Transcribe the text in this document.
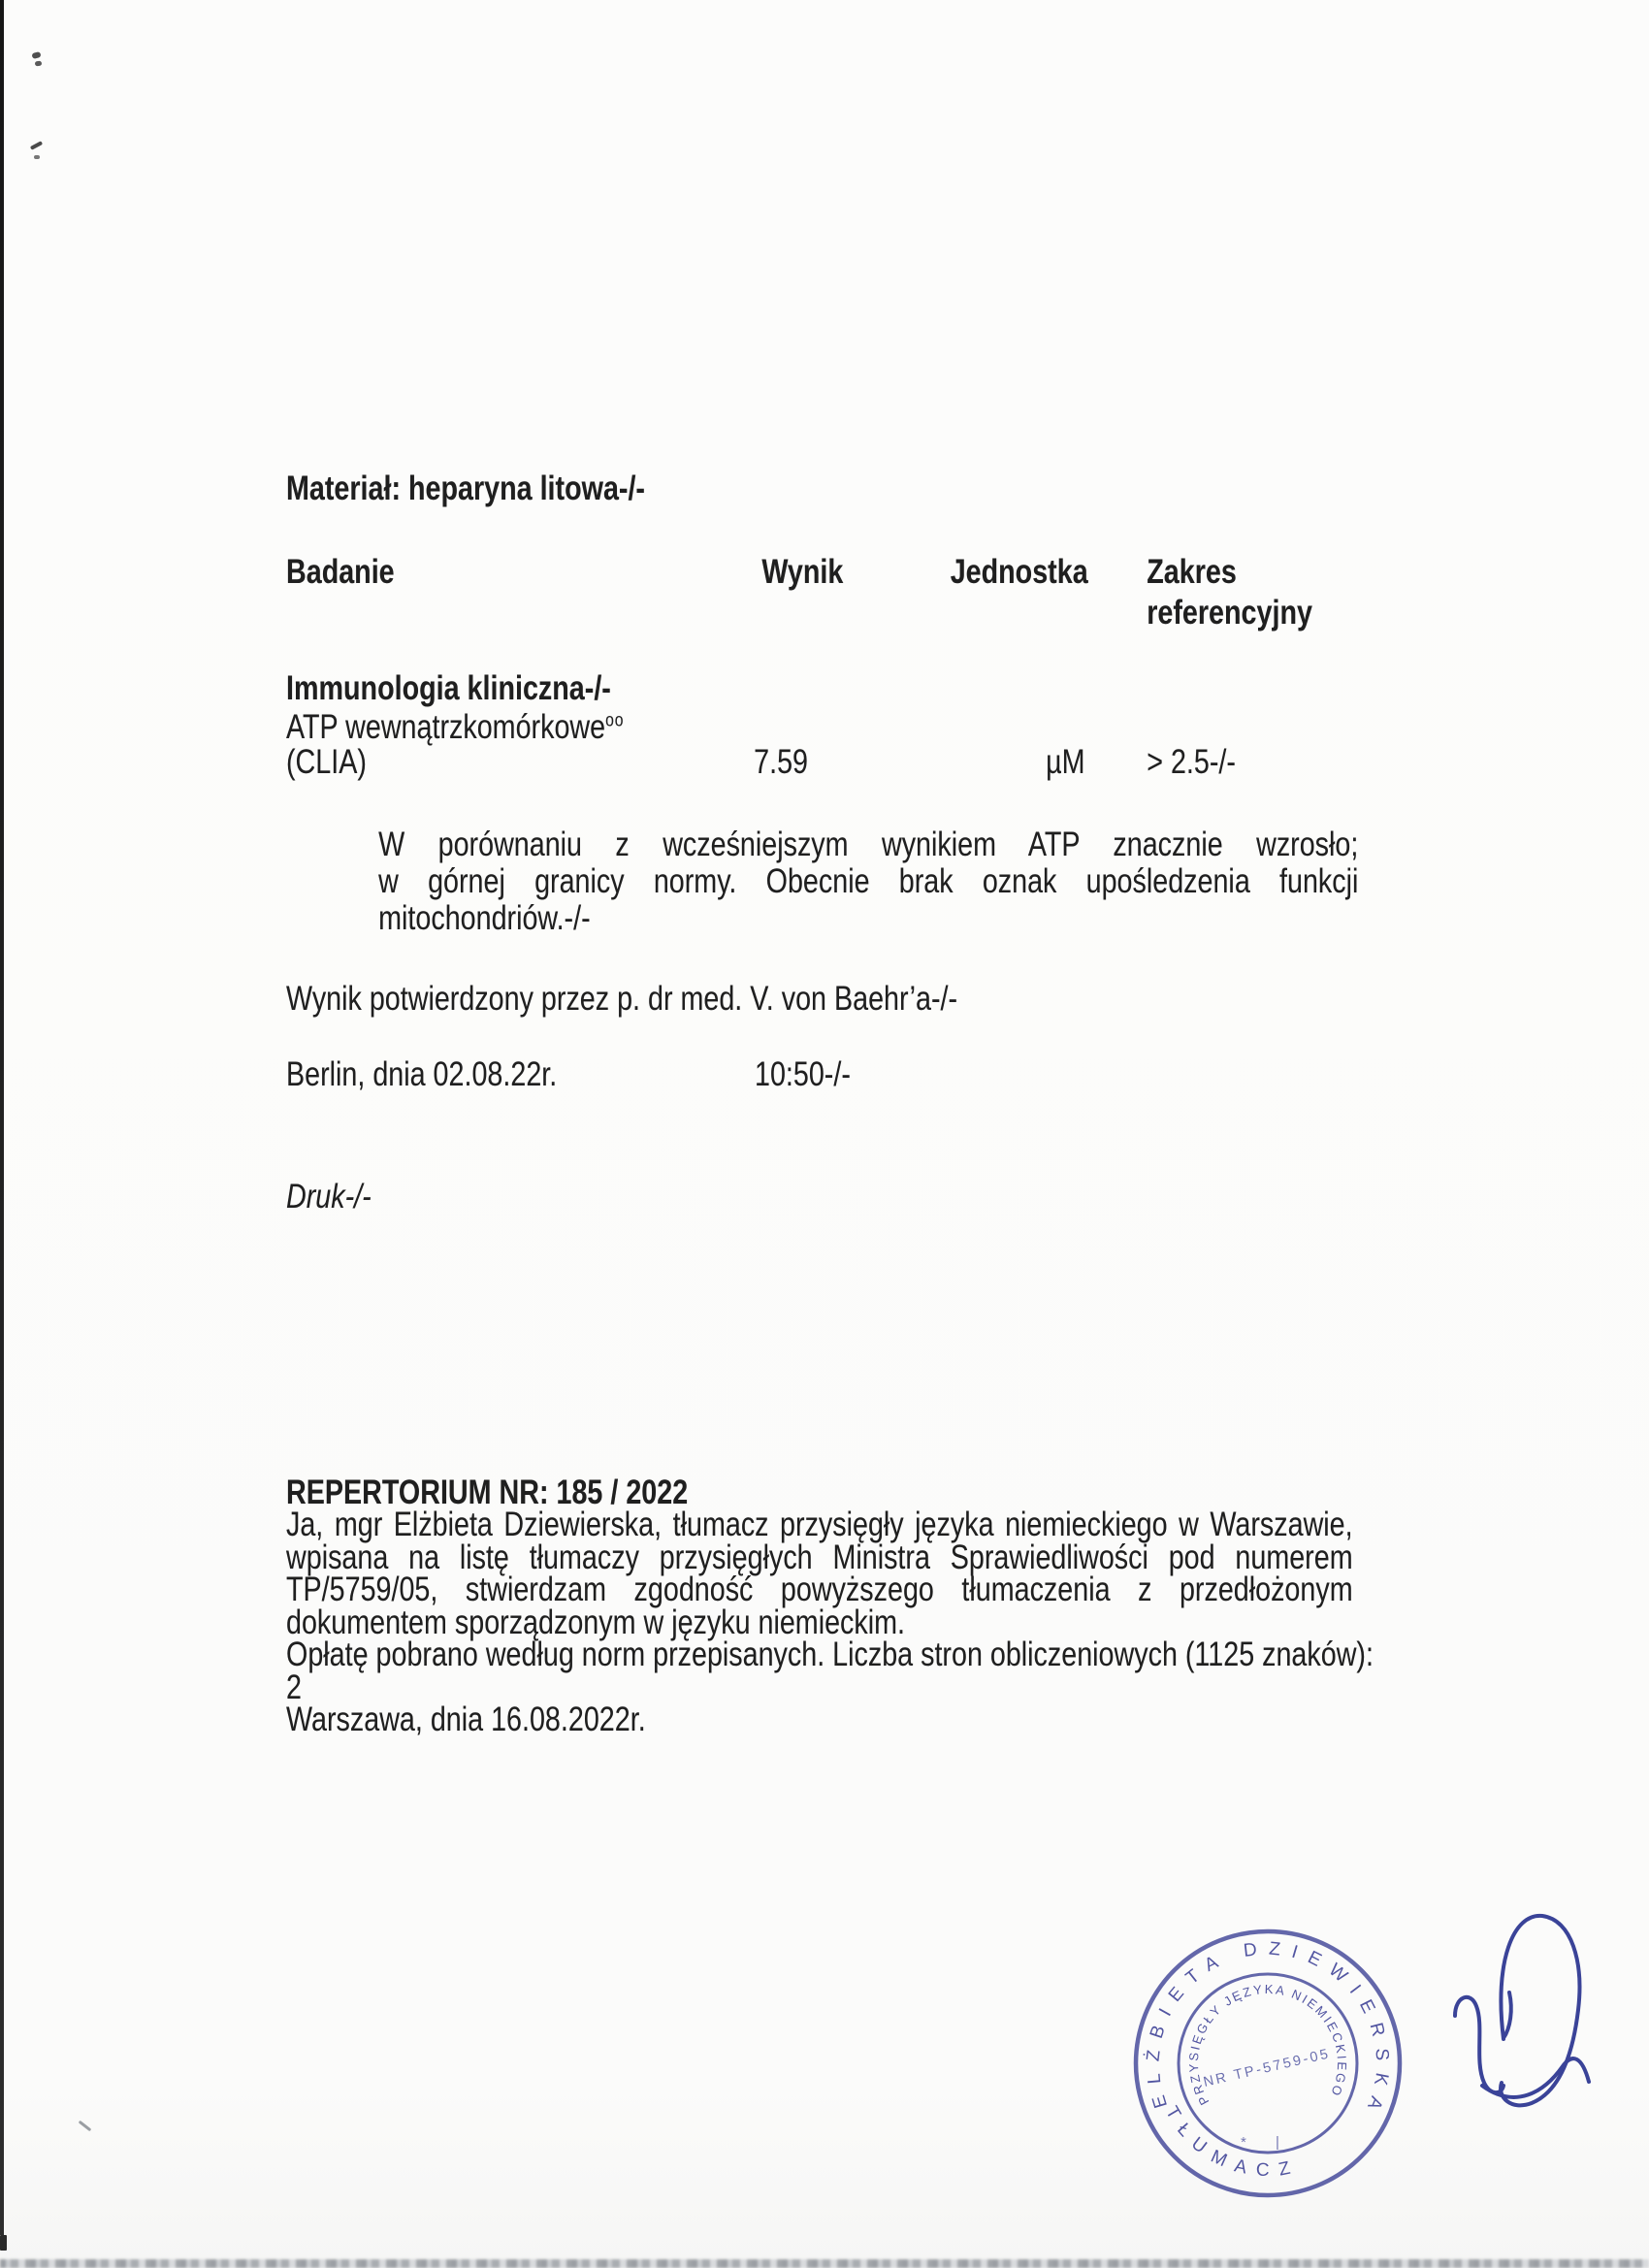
Materiał: heparyna litowa-/-
Badanie	Wynik	Jednostka Zakres
referencyjny
Immunologia kliniczna-/-
ATP wewnątrzkomórkowe$^{oo}$
(CLIA)	7.59	µM > 2.5-/-
W porównaniu z wcześniejszym wynikiem ATP znacznie wzrosło;
w górnej granicy normy. Obecnie brak oznak upośledzenia funkcji
mitochondriów.-/-
Wynik potwierdzony przez p. dr med. V. von Baehr’a-/-
Berlin, dnia 02.08.22r.	10:50-/-
Druk-/-
REPERTORIUM NR: 185 / 2022
Ja, mgr Elżbieta Dziewierska, tłumacz przysięgły języka niemieckiego w Warszawie,
wpisana na listę tłumaczy przysięgłych Ministra Sprawiedliwości pod numerem
TP/5759/05, stwierdzam zgodność powyższego tłumaczenia z przedłożonym
dokumentem sporządzonym w języku niemieckim.
Opłatę pobrano według norm przepisanych. Liczba stron obliczeniowych (1125 znaków):
2
Warszawa, dnia 16.08.2022r.
ELŻBIETA DZIEWIERSKA
TŁUMACZ
PRZYSIĘGŁY JĘZYKA NIEMIECKIEGO
NR TP-5759-05
* |
